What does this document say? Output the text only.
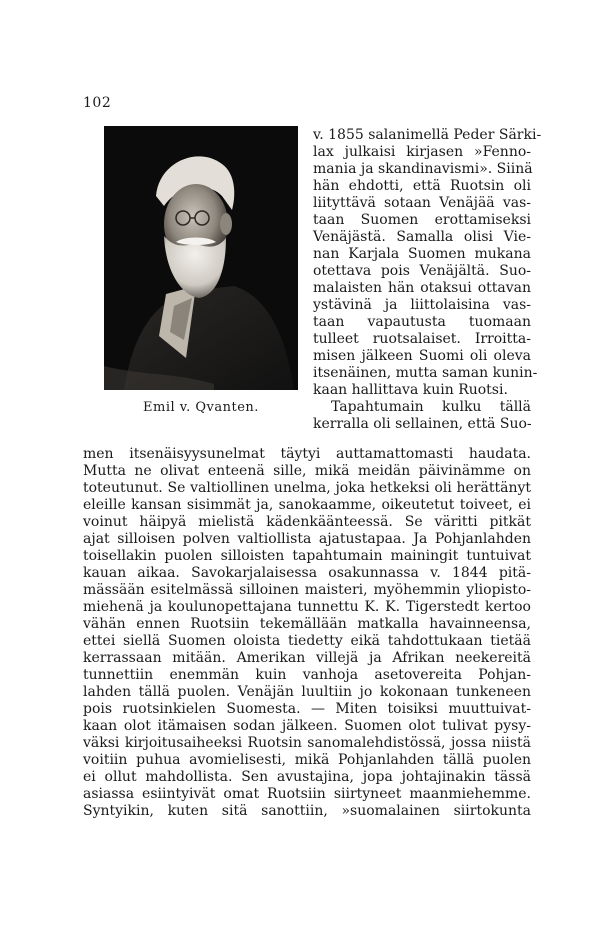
102
Emil v. Qvanten.
v. 1855 salanimellä Peder Särki-
lax julkaisi kirjasen »Fenno-
mania ja skandinavismi». Siinä
hän ehdotti, että Ruotsin oli
liityttävä sotaan Venäjää vas-
taan Suomen erottamiseksi
Venäjästä. Samalla olisi Vie-
nan Karjala Suomen mukana
otettava pois Venäjältä. Suo-
malaisten hän otaksui ottavan
ystävinä ja liittolaisina vas-
taan vapautusta tuomaan
tulleet ruotsalaiset. Irroitta-
misen jälkeen Suomi oli oleva
itsenäinen, mutta saman kunin-
kaan hallittava kuin Ruotsi.
Tapahtumain kulku tällä
kerralla oli sellainen, että Suo-
men itsenäisyysunelmat täytyi auttamattomasti haudata.
Mutta ne olivat enteenä sille, mikä meidän päivinämme on
toteutunut. Se valtiollinen unelma, joka hetkeksi oli herättänyt
eleille kansan sisimmät ja, sanokaamme, oikeutetut toiveet, ei
voinut häipyä mielistä kädenkäänteessä. Se väritti pitkät
ajat silloisen polven valtiollista ajatustapaa. Ja Pohjanlahden
toisellakin puolen silloisten tapahtumain mainingit tuntuivat
kauan aikaa. Savokarjalaisessa osakunnassa v. 1844 pitä-
mässään esitelmässä silloinen maisteri, myöhemmin yliopisto-
miehenä ja koulunopettajana tunnettu K. K. Tigerstedt kertoo
vähän ennen Ruotsiin tekemällään matkalla havainneensa,
ettei siellä Suomen oloista tiedetty eikä tahdottukaan tietää
kerrassaan mitään. Amerikan villejä ja Afrikan neekereitä
tunnettiin enemmän kuin vanhoja asetovereita Pohjan-
lahden tällä puolen. Venäjän luultiin jo kokonaan tunkeneen
pois ruotsinkielen Suomesta. — Miten toisiksi muuttuivat-
kaan olot itämaisen sodan jälkeen. Suomen olot tulivat pysy-
väksi kirjoitusaiheeksi Ruotsin sanomalehdistössä, jossa niistä
voitiin puhua avomielisesti, mikä Pohjanlahden tällä puolen
ei ollut mahdollista. Sen avustajina, jopa johtajinakin tässä
asiassa esiintyivät omat Ruotsiin siirtyneet maanmiehemme.
Syntyikin, kuten sitä sanottiin, »suomalainen siirtokunta
